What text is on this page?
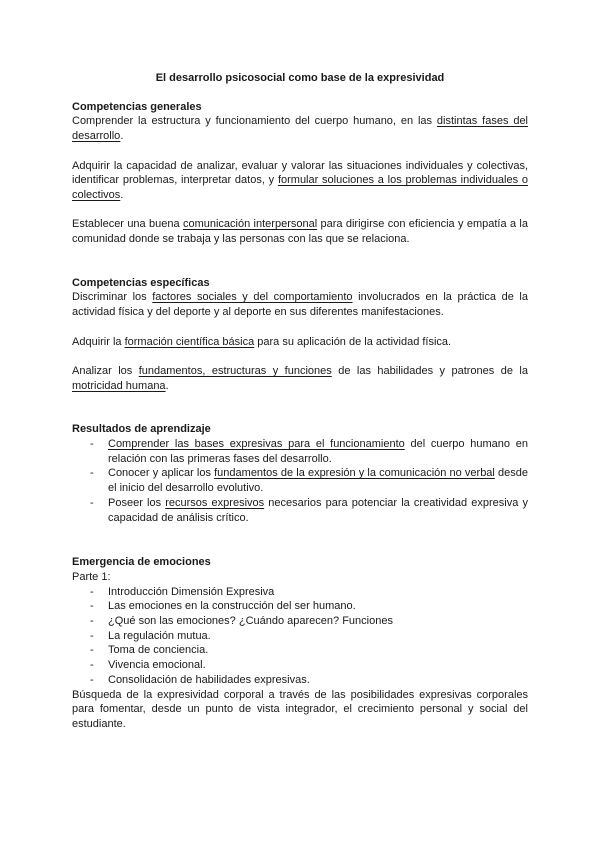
El desarrollo psicosocial como base de la expresividad

Competencias generales

Comprender la estructura y funcionamiento del cuerpo humano, en las distintas fases del desarrollo.

Adquirir la capacidad de analizar, evaluar y valorar las situaciones individuales y colectivas, identificar problemas, interpretar datos, y formular soluciones a los problemas individuales o colectivos.

Establecer una buena comunicación interpersonal para dirigirse con eficiencia y empatía a la comunidad donde se trabaja y las personas con las que se relaciona.

Competencias específicas

Discriminar los factores sociales y del comportamiento involucrados en la práctica de la actividad física y del deporte y al deporte en sus diferentes manifestaciones.

Adquirir la formación científica básica para su aplicación de la actividad física.

Analizar los fundamentos, estructuras y funciones de las habilidades y patrones de la motricidad humana.

Resultados de aprendizaje

- Comprender las bases expresivas para el funcionamiento del cuerpo humano en relación con las primeras fases del desarrollo.
- Conocer y aplicar los fundamentos de la expresión y la comunicación no verbal desde el inicio del desarrollo evolutivo.
- Poseer los recursos expresivos necesarios para potenciar la creatividad expresiva y capacidad de análisis crítico.

Emergencia de emociones

Parte 1:

- Introducción Dimensión Expresiva
- Las emociones en la construcción del ser humano.
- ¿Qué son las emociones? ¿Cuándo aparecen? Funciones
- La regulación mutua.
- Toma de conciencia.
- Vivencia emocional.
- Consolidación de habilidades expresivas.

Búsqueda de la expresividad corporal a través de las posibilidades expresivas corporales para fomentar, desde un punto de vista integrador, el crecimiento personal y social del estudiante.
